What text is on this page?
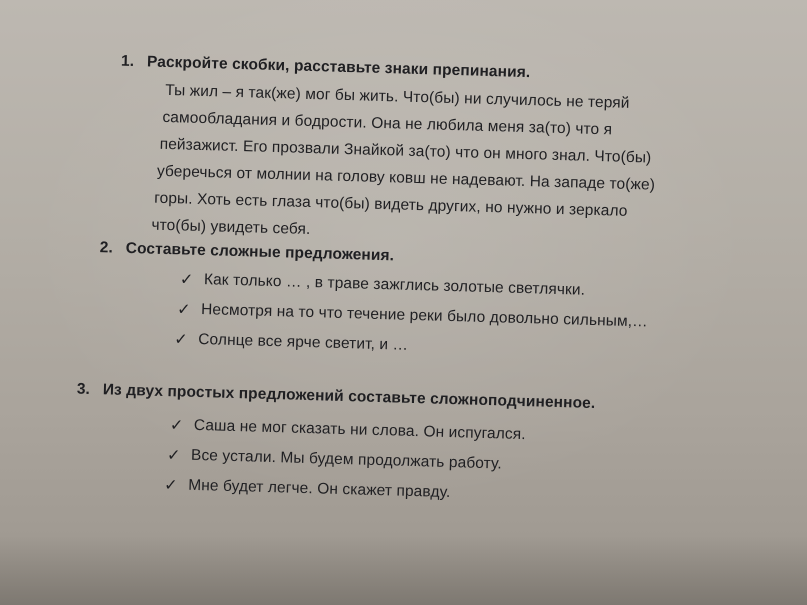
1. Раскройте скобки, расставьте знаки препинания.
Ты жил – я так(же) мог бы жить. Что(бы) ни случилось не теряй
самообладания и бодрости. Она не любила меня за(то) что я
пейзажист. Его прозвали Знайкой за(то) что он много знал. Что(бы)
уберечься от молнии на голову ковш не надевают. На западе то(же)
горы. Хоть есть глаза что(бы) видеть других, но нужно и зеркало
что(бы) увидеть себя.
2. Составьте сложные предложения.
✓ Как только … , в траве зажглись золотые светлячки.
✓ Несмотря на то что течение реки было довольно сильным,…
✓ Солнце все ярче светит, и …
3. Из двух простых предложений составьте сложноподчиненное.
✓ Саша не мог сказать ни слова. Он испугался.
✓ Все устали. Мы будем продолжать работу.
✓ Мне будет легче. Он скажет правду.
